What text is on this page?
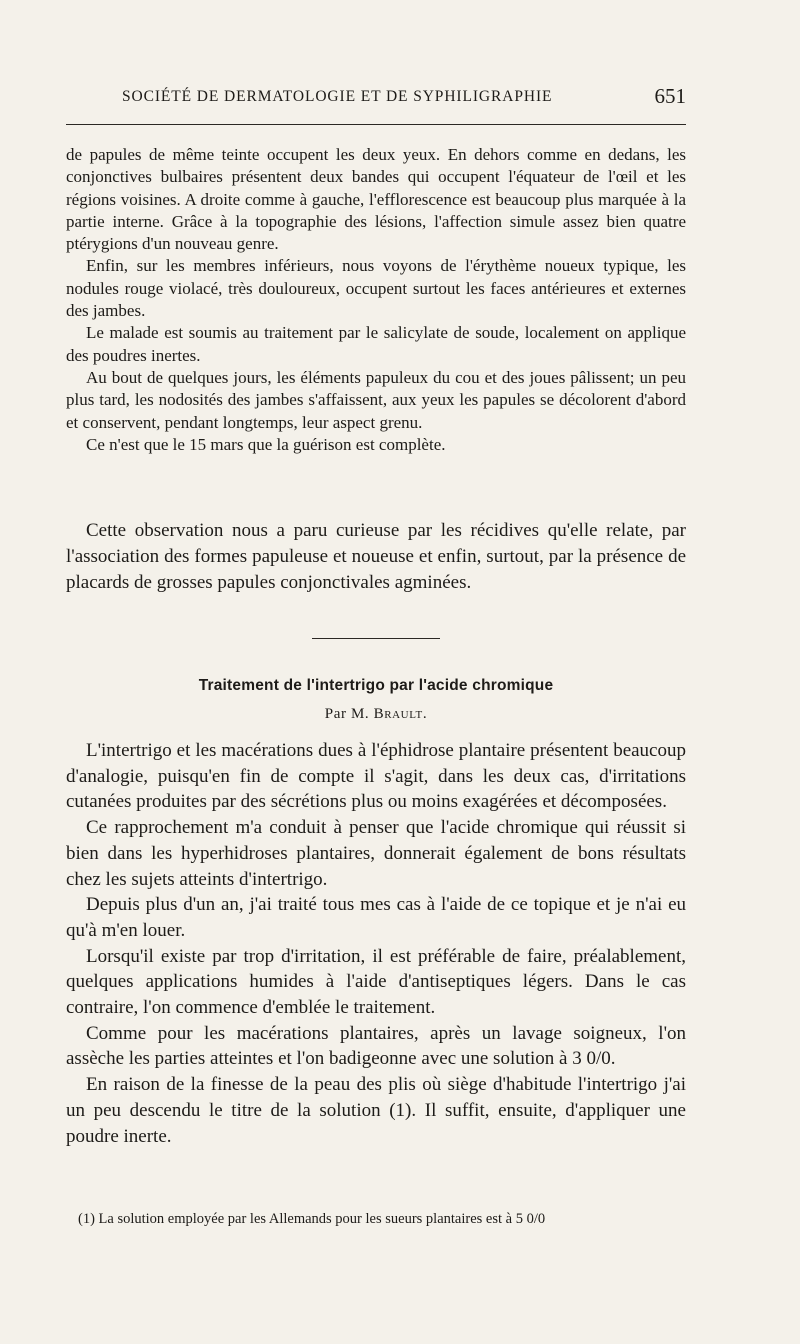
SOCIÉTÉ DE DERMATOLOGIE ET DE SYPHILIGRAPHIE	651

de papules de même teinte occupent les deux yeux. En dehors comme en dedans, les conjonctives bulbaires présentent deux bandes qui occupent l'équateur de l'œil et les régions voisines. A droite comme à gauche, l'efflorescence est beaucoup plus marquée à la partie interne. Grâce à la topographie des lésions, l'affection simule assez bien quatre ptérygions d'un nouveau genre.

Enfin, sur les membres inférieurs, nous voyons de l'érythème noueux typique, les nodules rouge violacé, très douloureux, occupent surtout les faces antérieures et externes des jambes.

Le malade est soumis au traitement par le salicylate de soude, localement on applique des poudres inertes.

Au bout de quelques jours, les éléments papuleux du cou et des joues pâlissent; un peu plus tard, les nodosités des jambes s'affaissent, aux yeux les papules se décolorent d'abord et conservent, pendant longtemps, leur aspect grenu.

Ce n'est que le 15 mars que la guérison est complète.

Cette observation nous a paru curieuse par les récidives qu'elle relate, par l'association des formes papuleuse et noueuse et enfin, surtout, par la présence de placards de grosses papules conjonctivales agminées.

Traitement de l'intertrigo par l'acide chromique
Par M. Brault.

L'intertrigo et les macérations dues à l'éphidrose plantaire présentent beaucoup d'analogie, puisqu'en fin de compte il s'agit, dans les deux cas, d'irritations cutanées produites par des sécrétions plus ou moins exagérées et décomposées.

Ce rapprochement m'a conduit à penser que l'acide chromique qui réussit si bien dans les hyperhidroses plantaires, donnerait également de bons résultats chez les sujets atteints d'intertrigo.

Depuis plus d'un an, j'ai traité tous mes cas à l'aide de ce topique et je n'ai eu qu'à m'en louer.

Lorsqu'il existe par trop d'irritation, il est préférable de faire, préalablement, quelques applications humides à l'aide d'antiseptiques légers. Dans le cas contraire, l'on commence d'emblée le traitement.

Comme pour les macérations plantaires, après un lavage soigneux, l'on assèche les parties atteintes et l'on badigeonne avec une solution à 3 0/0.

En raison de la finesse de la peau des plis où siège d'habitude l'intertrigo j'ai un peu descendu le titre de la solution (1). Il suffit, ensuite, d'appliquer une poudre inerte.

(1) La solution employée par les Allemands pour les sueurs plantaires est à 5 0/0
